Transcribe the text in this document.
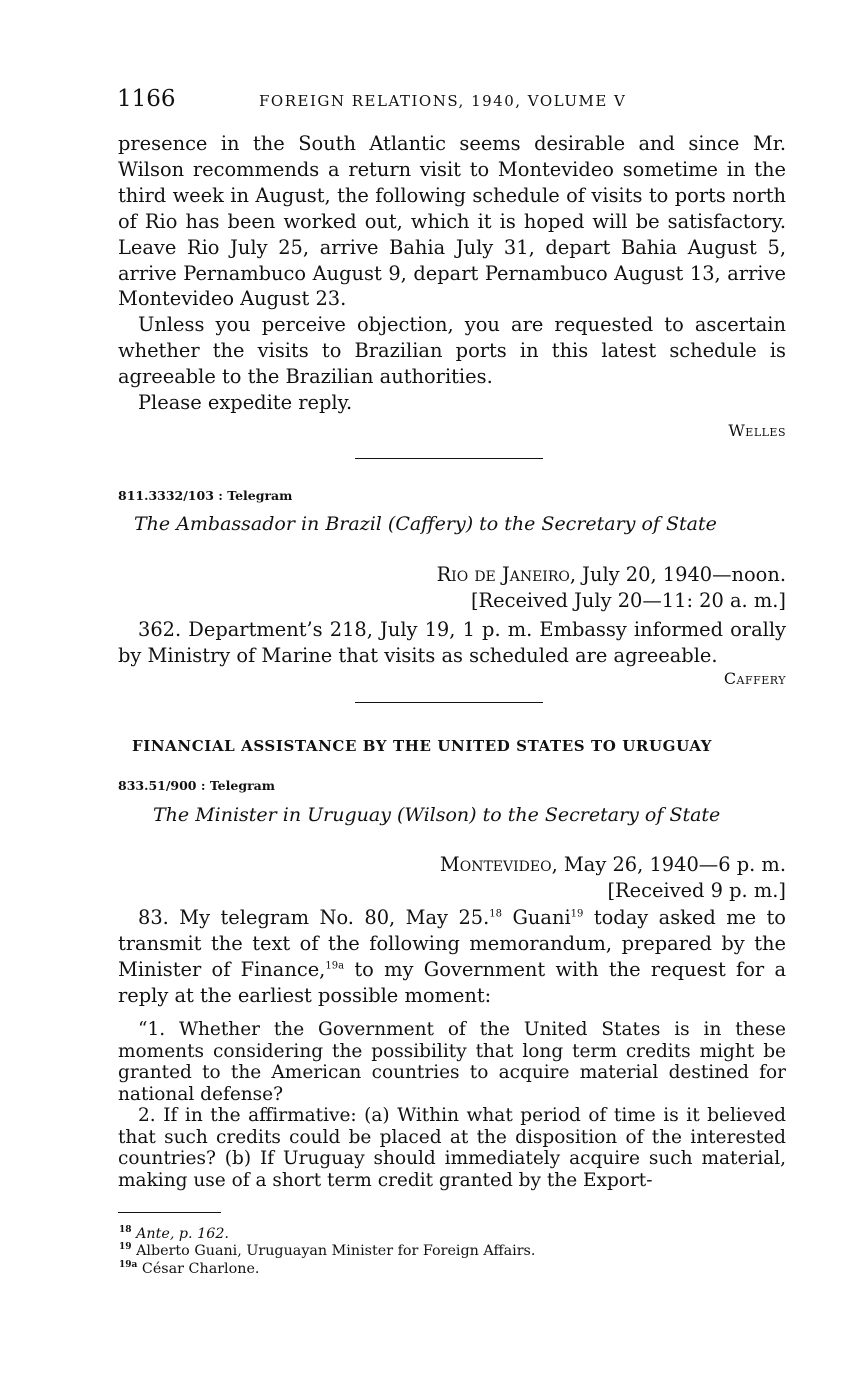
1166	FOREIGN RELATIONS, 1940, VOLUME V

presence in the South Atlantic seems desirable and since Mr. Wilson recommends a return visit to Montevideo sometime in the third week in August, the following schedule of visits to ports north of Rio has been worked out, which it is hoped will be satisfactory. Leave Rio July 25, arrive Bahia July 31, depart Bahia August 5, arrive Pernambuco August 9, depart Pernambuco August 13, arrive Montevideo August 23.

Unless you perceive objection, you are requested to ascertain whether the visits to Brazilian ports in this latest schedule is agreeable to the Brazilian authorities.

Please expedite reply.

Welles
811.3332/103 : Telegram
The Ambassador in Brazil (Caffery) to the Secretary of State
Rio de Janeiro, July 20, 1940—noon.
[Received July 20—11: 20 a. m.]

362. Department’s 218, July 19, 1 p. m. Embassy informed orally by Ministry of Marine that visits as scheduled are agreeable.

Caffery
FINANCIAL ASSISTANCE BY THE UNITED STATES TO URUGUAY
833.51/900 : Telegram
The Minister in Uruguay (Wilson) to the Secretary of State
Montevideo, May 26, 1940—6 p. m.
[Received 9 p. m.]

83. My telegram No. 80, May 25.18 Guani$^{19}$ today asked me to transmit the text of the following memorandum, prepared by the Minister of Finance,$^{19a}$ to my Government with the request for a reply at the earliest possible moment:

“1. Whether the Government of the United States is in these moments considering the possibility that long term credits might be granted to the American countries to acquire material destined for national defense?

2. If in the affirmative: (a) Within what period of time is it believed that such credits could be placed at the disposition of the interested countries? (b) If Uruguay should immediately acquire such material, making use of a short term credit granted by the Export-

$^{18}$ Ante, p. 162.
$^{19}$ Alberto Guani, Uruguayan Minister for Foreign Affairs.
$^{19a}$ César Charlone.
